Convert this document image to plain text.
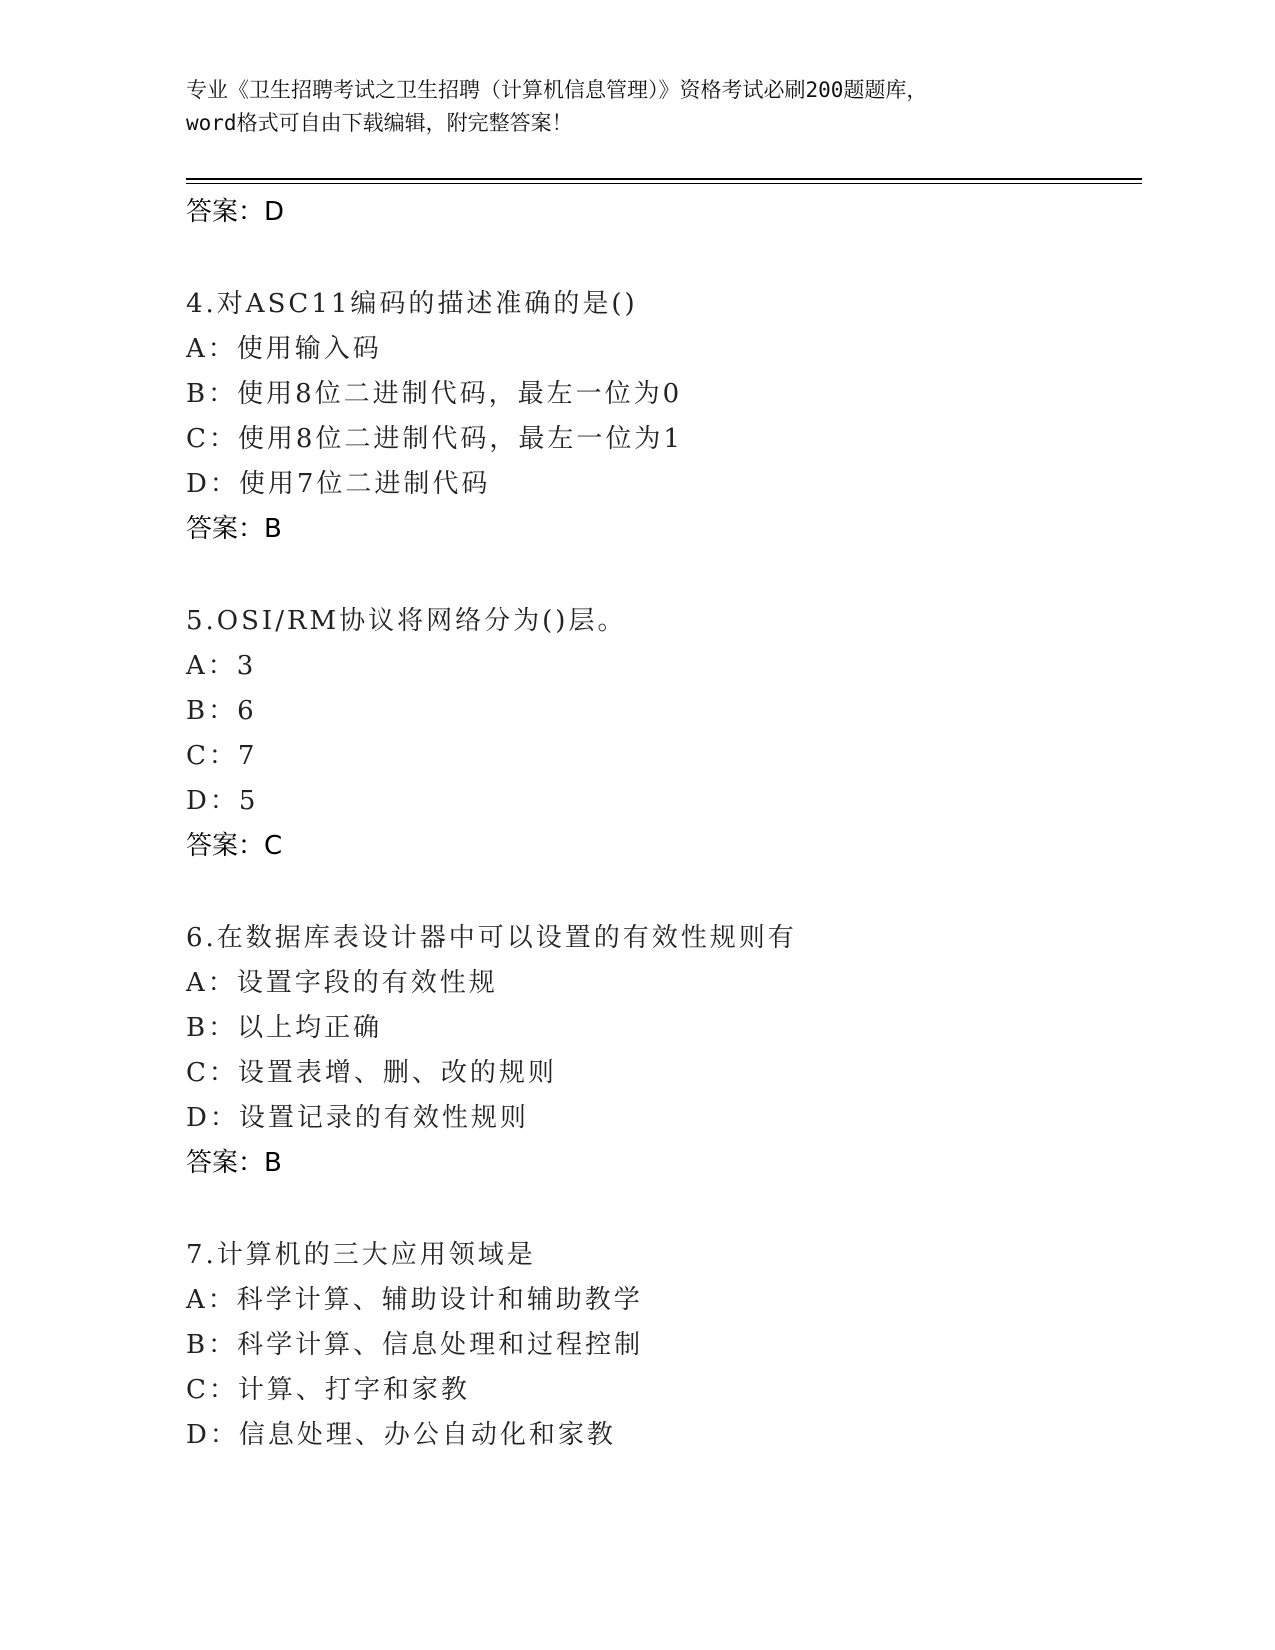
专业《卫生招聘考试之卫生招聘（计算机信息管理）》资格考试必刷200题题库，
word格式可自由下载编辑，附完整答案！
答案：D
4.对ASC11编码的描述准确的是()
A：使用输入码
B：使用8位二进制代码，最左一位为0
C：使用8位二进制代码，最左一位为1
D：使用7位二进制代码
答案：B
5.OSI/RM协议将网络分为()层。
A：3
B：6
C：7
D：5
答案：C
6.在数据库表设计器中可以设置的有效性规则有
A：设置字段的有效性规
B：以上均正确
C：设置表增、删、改的规则
D：设置记录的有效性规则
答案：B
7.计算机的三大应用领域是
A：科学计算、辅助设计和辅助教学
B：科学计算、信息处理和过程控制
C：计算、打字和家教
D：信息处理、办公自动化和家教
